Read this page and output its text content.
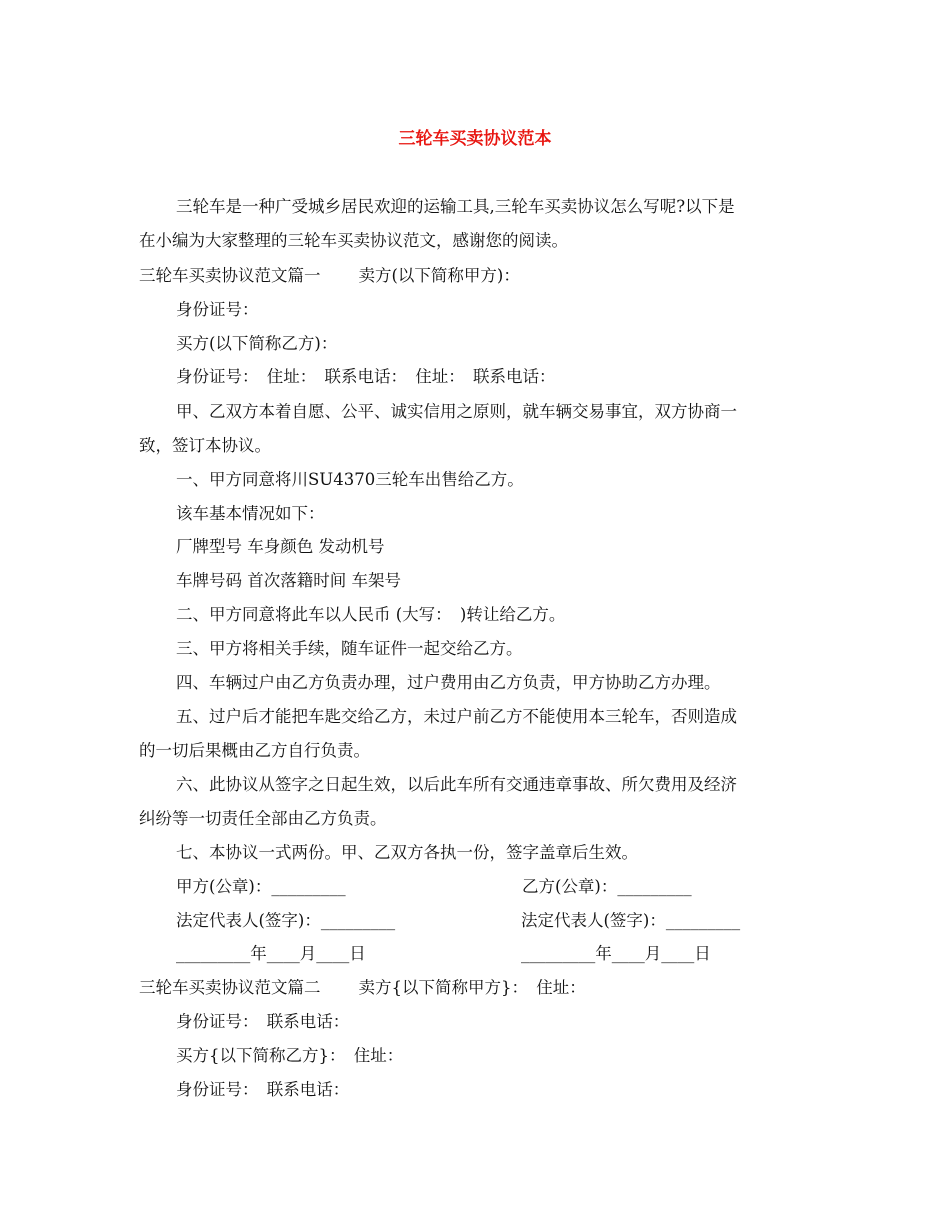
三轮车买卖协议范本
三轮车是一种广受城乡居民欢迎的运输工具,三轮车买卖协议怎么写呢?以下是
在小编为大家整理的三轮车买卖协议范文，感谢您的阅读。
三轮车买卖协议范文篇一 卖方(以下简称甲方)：
身份证号：
买方(以下简称乙方)：
身份证号：　住址：　联系电话：　住址：　联系电话：
甲、乙双方本着自愿、公平、诚实信用之原则，就车辆交易事宜，双方协商一
致，签订本协议。
一、甲方同意将川SU4370三轮车出售给乙方。
该车基本情况如下：
厂牌型号 车身颜色 发动机号
车牌号码 首次落籍时间 车架号
二、甲方同意将此车以人民币 (大写：　)转让给乙方。
三、甲方将相关手续，随车证件一起交给乙方。
四、车辆过户由乙方负责办理，过户费用由乙方负责，甲方协助乙方办理。
五、过户后才能把车匙交给乙方，未过户前乙方不能使用本三轮车，否则造成
的一切后果概由乙方自行负责。
六、此协议从签字之日起生效，以后此车所有交通违章事故、所欠费用及经济
纠纷等一切责任全部由乙方负责。
七、本协议一式两份。甲、乙双方各执一份，签字盖章后生效。
甲方(公章)：_________	乙方(公章)：_________
法定代表人(签字)：_________	法定代表人(签字)：_________
_________年____月____日	_________年____月____日
三轮车买卖协议范文篇二 卖方{以下简称甲方}：　住址：
身份证号：　联系电话：
买方{以下简称乙方}：　住址：
身份证号：　联系电话：
